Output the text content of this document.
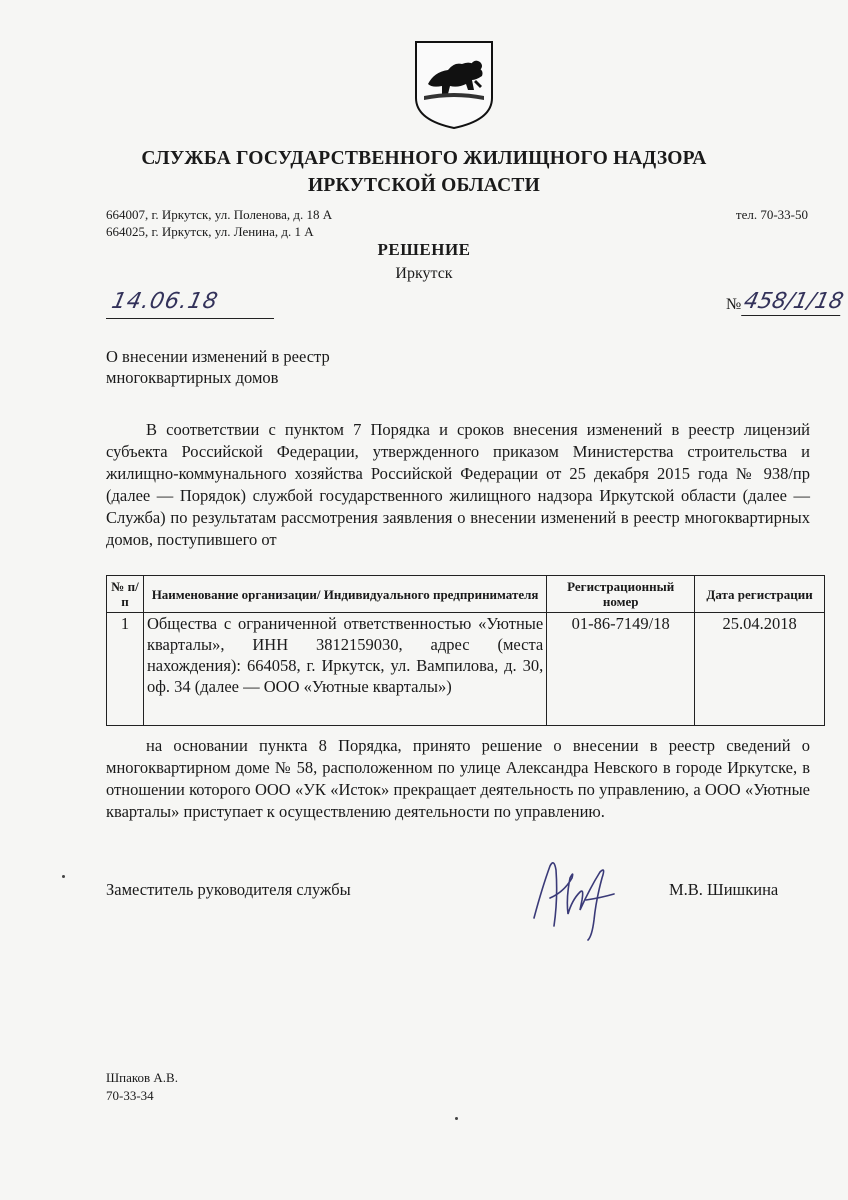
СЛУЖБА ГОСУДАРСТВЕННОГО ЖИЛИЩНОГО НАДЗОРА
ИРКУТСКОЙ ОБЛАСТИ
664007, г. Иркутск, ул. Поленова, д. 18 А
664025, г. Иркутск, ул. Ленина, д. 1 А
тел. 70-33-50
РЕШЕНИЕ
Иркутск
14.06.18	№ 458/1/18
О внесении изменений в реестр
многоквартирных домов
В соответствии с пунктом 7 Порядка и сроков внесения изменений в реестр лицензий субъекта Российской Федерации, утвержденного приказом Министерства строительства и жилищно-коммунального хозяйства Российской Федерации от 25 декабря 2015 года № 938/пр (далее — Порядок) службой государственного жилищного надзора Иркутской области (далее — Служба) по результатам рассмотрения заявления о внесении изменений в реестр многоквартирных домов, поступившего от
№ п/п	Наименование организации/ Индивидуального предпринимателя	Регистрационный номер	Дата регистрации
1	Общества с ограниченной ответственностью «Уютные кварталы», ИНН 3812159030, адрес (места нахождения): 664058, г. Иркутск, ул. Вампилова, д. 30, оф. 34 (далее — ООО «Уютные кварталы»)	01-86-7149/18	25.04.2018
на основании пункта 8 Порядка, принято решение о внесении в реестр сведений о многоквартирном доме № 58, расположенном по улице Александра Невского в городе Иркутске, в отношении которого ООО «УК «Исток» прекращает деятельность по управлению, а ООО «Уютные кварталы» приступает к осуществлению деятельности по управлению.
Заместитель руководителя службы	М.В. Шишкина
Шпаков А.В.
70-33-34
